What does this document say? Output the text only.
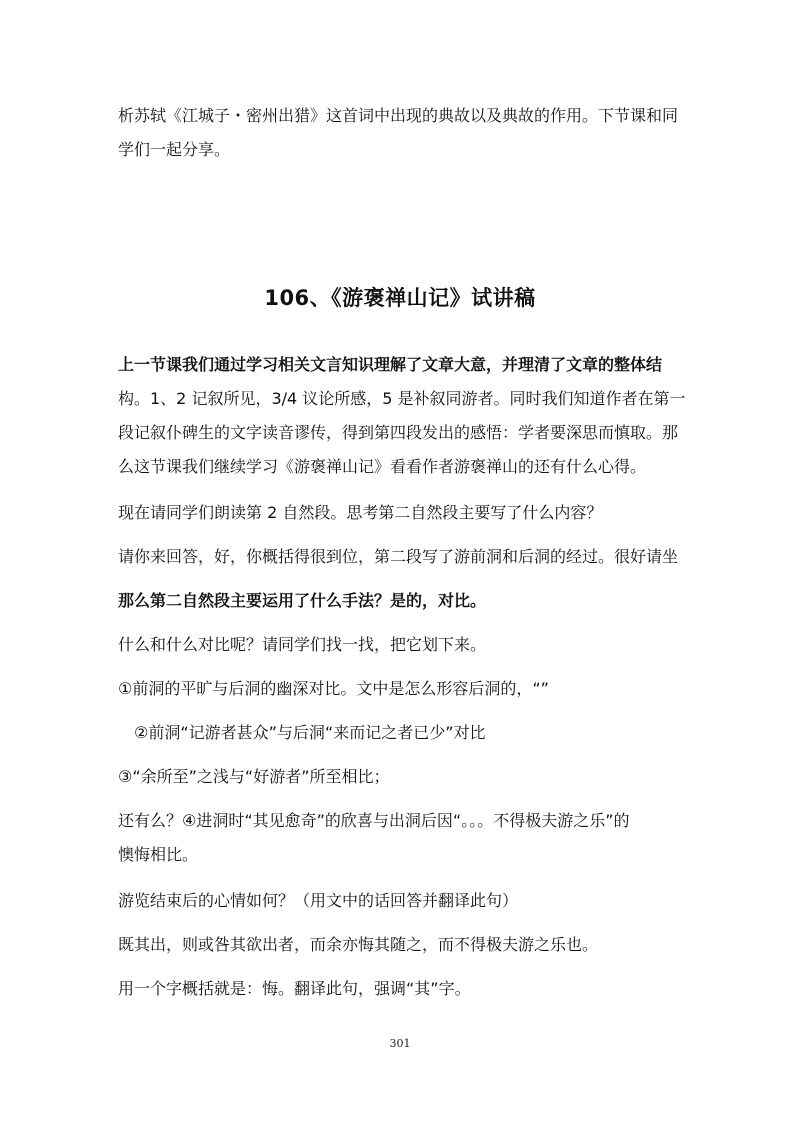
析苏轼《江城子・密州出猎》这首词中出现的典故以及典故的作用。下节课和同

学们一起分享。

106、《游褒禅山记》试讲稿

上一节课我们通过学习相关文言知识理解了文章大意，并理清了文章的整体结

构。1、2 记叙所见，3/4 议论所感，5 是补叙同游者。同时我们知道作者在第一

段记叙仆碑生的文字读音谬传，得到第四段发出的感悟：学者要深思而慎取。那

么这节课我们继续学习《游褒禅山记》看看作者游褒禅山的还有什么心得。

现在请同学们朗读第 2 自然段。思考第二自然段主要写了什么内容？

请你来回答，好，你概括得很到位，第二段写了游前洞和后洞的经过。很好请坐

那么第二自然段主要运用了什么手法？是的，对比。

什么和什么对比呢？请同学们找一找，把它划下来。

①前洞的平旷与后洞的幽深对比。文中是怎么形容后洞的，“”

②前洞“记游者甚众”与后洞“来而记之者已少”对比

③“余所至”之浅与“好游者”所至相比；

还有么？④进洞时“其见愈奇”的欣喜与出洞后因“。。。不得极夫游之乐”的

懊悔相比。

游览结束后的心情如何？（用文中的话回答并翻译此句）

既其出，则或咎其欲出者，而余亦悔其随之，而不得极夫游之乐也。

用一个字概括就是：悔。翻译此句，强调“其”字。

301
